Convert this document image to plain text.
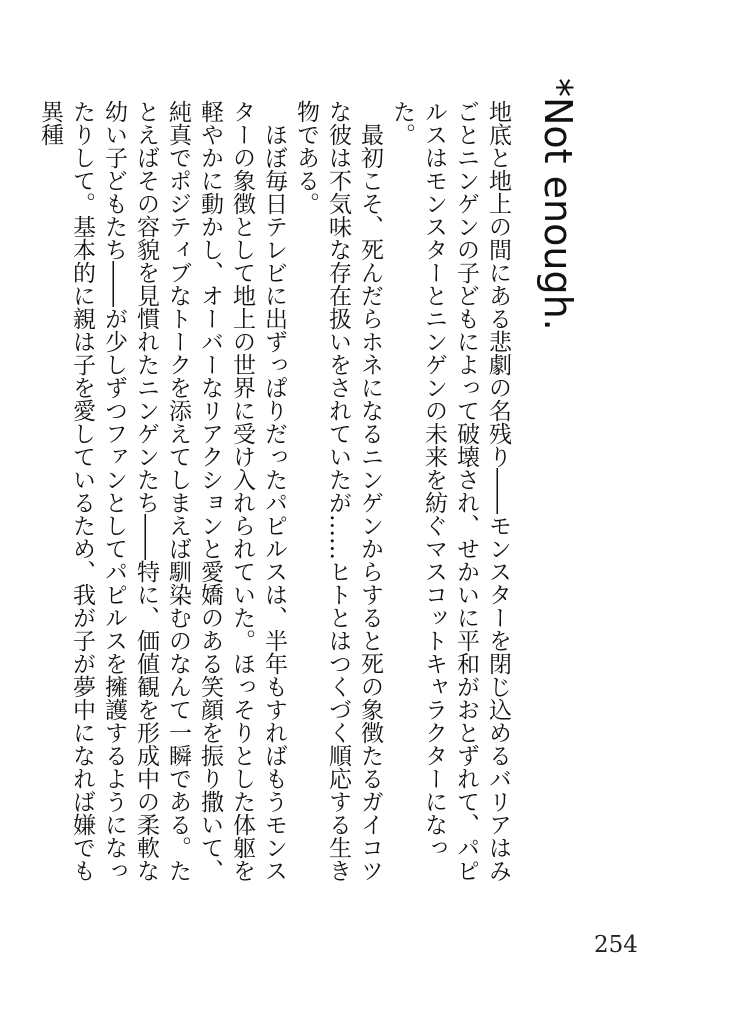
*Not enough.

地底と地上の間にある悲劇の名残り――モンスターを閉じ込めるバリアはみごとニンゲンの子どもによって破壊され、せかいに平和がおとずれて、パピルスはモンスターとニンゲンの未来を紡ぐマスコットキャラクターになった。

最初こそ、死んだらホネになるニンゲンからすると死の象徴たるガイコツな彼は不気味な存在扱いをされていたが……ヒトとはつくづく順応する生き物である。

ほぼ毎日テレビに出ずっぱりだったパピルスは、半年もすればもうモンスターの象徴として地上の世界に受け入れられていた。ほっそりとした体躯を軽やかに動かし、オーバーなリアクションと愛嬌のある笑顔を振り撒いて、純真でポジティブなトークを添えてしまえば馴染むのなんて一瞬である。たとえばその容貌を見慣れたニンゲンたち――特に、価値観を形成中の柔軟な幼い子どもたち――が少しずつファンとしてパピルスを擁護するようになったりして。基本的に親は子を愛しているため、我が子が夢中になれば嫌でも異種

254
